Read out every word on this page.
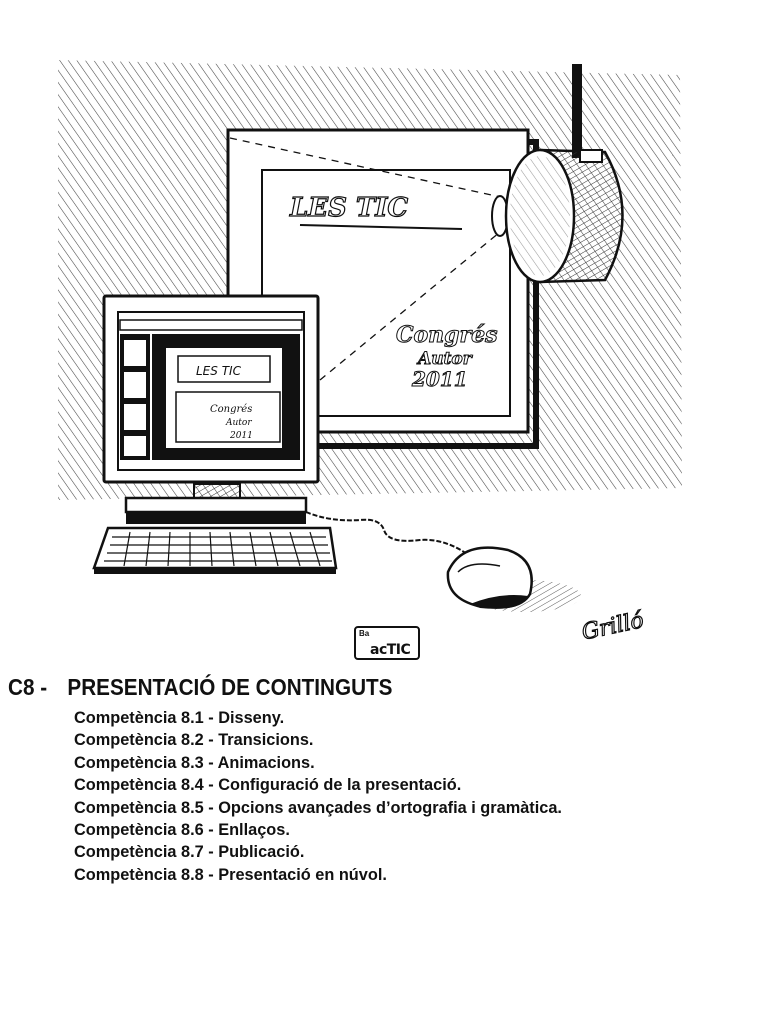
LES TIC
Congrés
Autor
2011
LES TIC
Congrés
Autor
2011
Grilló
Ba
acTIC
C8 - PRESENTACIÓ DE CONTINGUTS
Competència 8.1 - Disseny.
Competència 8.2 - Transicions.
Competència 8.3 - Animacions.
Competència 8.4 - Configuració de la presentació.
Competència 8.5 - Opcions avançades d’ortografia i gramàtica.
Competència 8.6 - Enllaços.
Competència 8.7 - Publicació.
Competència 8.8 - Presentació en núvol.
